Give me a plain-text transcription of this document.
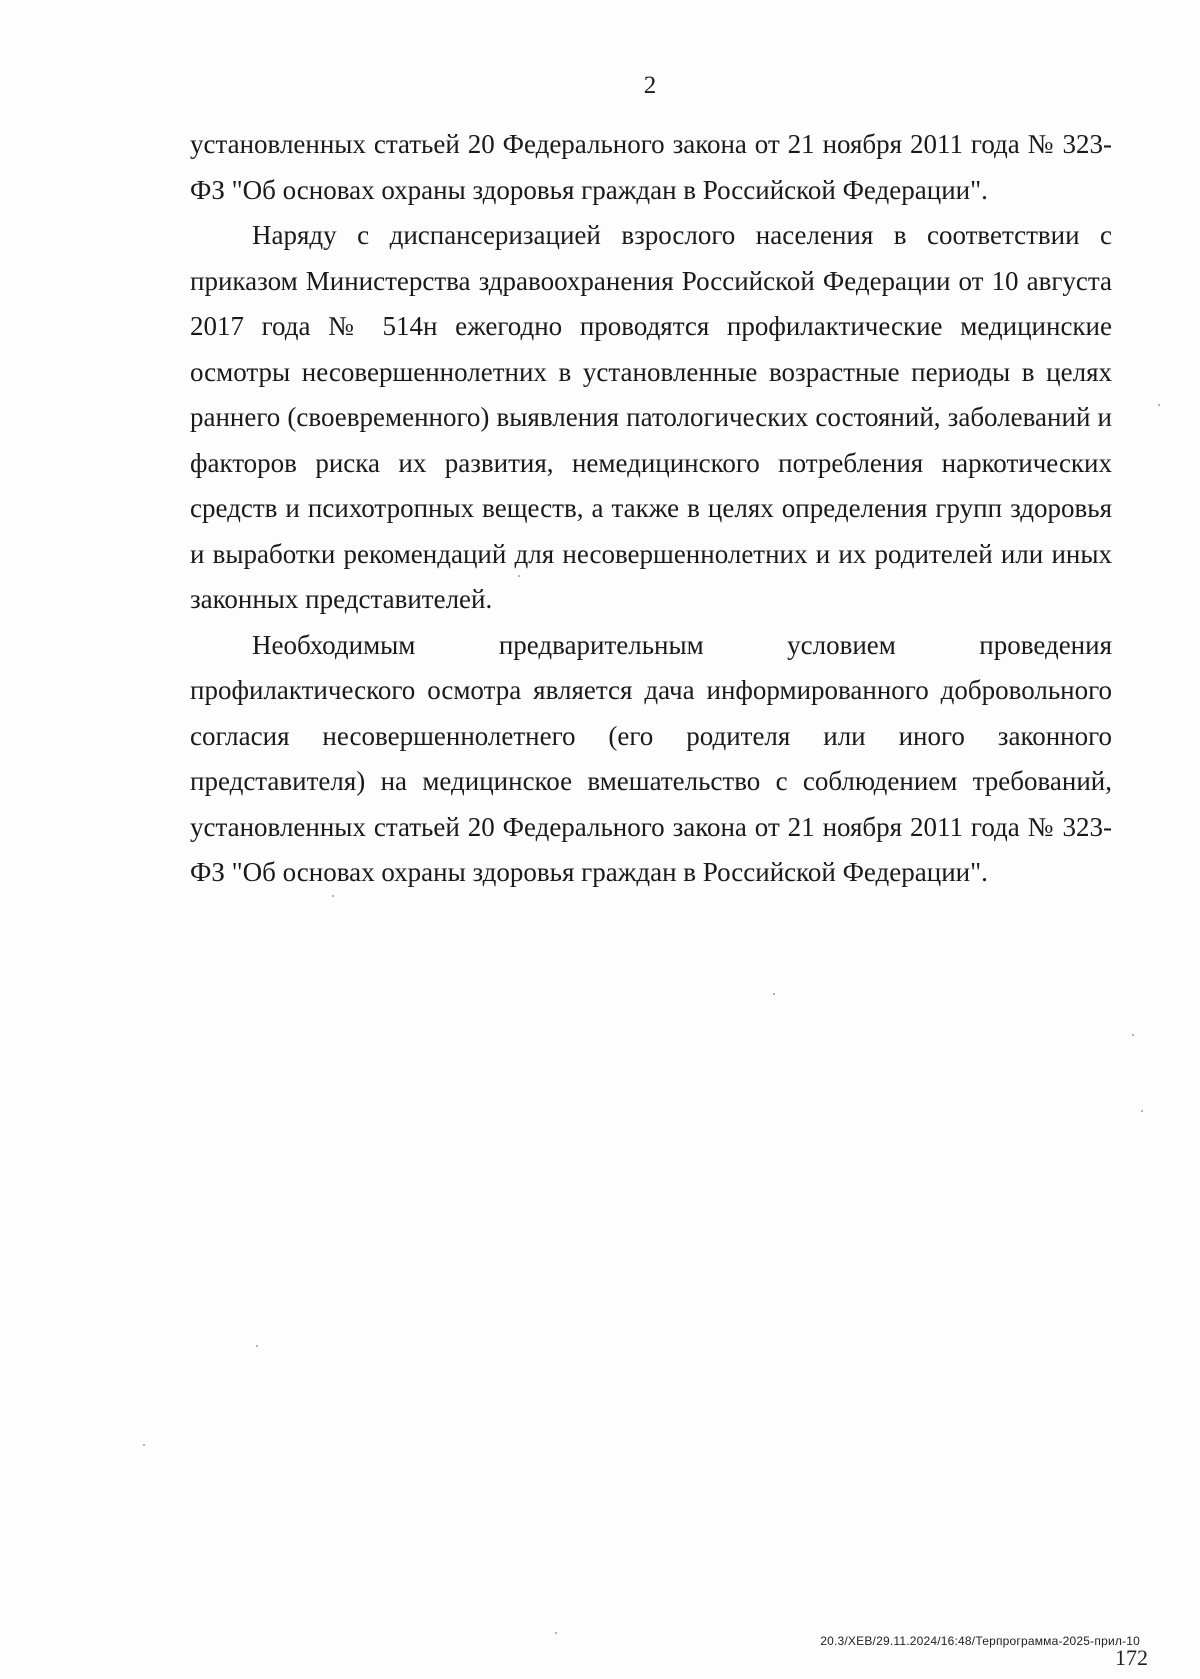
2

установленных статьей 20 Федерального закона от 21 ноября 2011 года № 323-ФЗ "Об основах охраны здоровья граждан в Российской Федерации".

Наряду с диспансеризацией взрослого населения в соответствии с приказом Министерства здравоохранения Российской Федерации от 10 августа 2017 года № 514н ежегодно проводятся профилактические медицинские осмотры несовершеннолетних в установленные возрастные периоды в целях раннего (своевременного) выявления патологических состояний, заболеваний и факторов риска их развития, немедицинского потребления наркотических средств и психотропных веществ, а также в целях определения групп здоровья и выработки рекомендаций для несовершеннолетних и их родителей или иных законных представителей.

Необходимым предварительным условием проведения профилактического осмотра является дача информированного добровольного согласия несовершеннолетнего (его родителя или иного законного представителя) на медицинское вмешательство с соблюдением требований, установленных статьей 20 Федерального закона от 21 ноября 2011 года № 323-ФЗ "Об основах охраны здоровья граждан в Российской Федерации".

20.3/ХЕВ/29.11.2024/16:48/Терпрограмма-2025-прил-10
172
